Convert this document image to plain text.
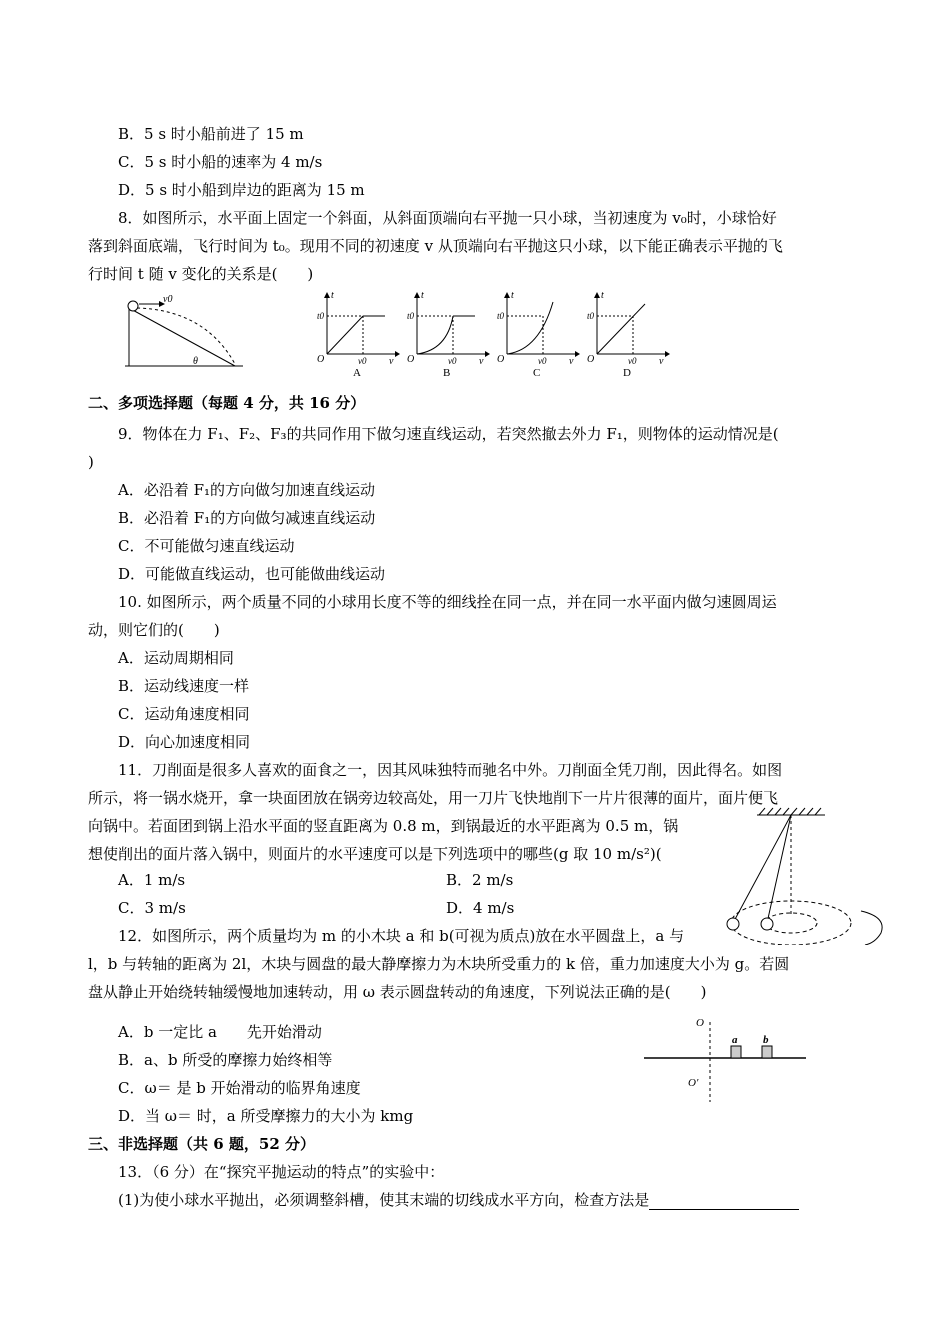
B．5 s 时小船前进了 15 m
C．5 s 时小船的速率为 4 m/s
D．5 s 时小船到岸边的距离为 15 m
8．如图所示，水平面上固定一个斜面，从斜面顶端向右平抛一只小球，当初速度为 v₀时，小球恰好
落到斜面底端，飞行时间为 t₀。现用不同的初速度 v 从顶端向右平抛这只小球，以下能正确表示平抛的飞
行时间 t 随 v 变化的关系是(　　)
v0
θ
t
t0
O	v0 v
A
t
t0
O	v0 v
B
t
t0
O	v0 v
C
t
t0
O	v0 v
D
二、多项选择题（每题 4 分，共 16 分）
9．物体在力 F₁、F₂、F₃的共同作用下做匀速直线运动，若突然撤去外力 F₁，则物体的运动情况是(
)
A．必沿着 F₁的方向做匀加速直线运动
B．必沿着 F₁的方向做匀减速直线运动
C．不可能做匀速直线运动
D．可能做直线运动，也可能做曲线运动
10. 如图所示，两个质量不同的小球用长度不等的细线拴在同一点，并在同一水平面内做匀速圆周运
动，则它们的(　　)
A．运动周期相同
B．运动线速度一样
C．运动角速度相同
D．向心加速度相同
11．刀削面是很多人喜欢的面食之一，因其风味独特而驰名中外。刀削面全凭刀削，因此得名。如图
所示，将一锅水烧开，拿一块面团放在锅旁边较高处，用一刀片飞快地削下一片片很薄的面片，面片便飞
向锅中。若面团到锅上沿水平面的竖直距离为 0.8 m，到锅最近的水平距离为 0.5 m，锅	要
想使削出的面片落入锅中，则面片的水平速度可以是下列选项中的哪些(g 取 10 m/s²)(
A．1 m/s	B．2 m/s
C．3 m/s	D．4 m/s
12．如图所示，两个质量均为 m 的小木块 a 和 b(可视为质点)放在水平圆盘上，a 与
l，b 与转轴的距离为 2l，木块与圆盘的最大静摩擦力为木块所受重力的 k 倍，重力加速度大小为 g。若圆
盘从静止开始绕转轴缓慢地加速转动，用 ω 表示圆盘转动的角速度，下列说法正确的是(　　)
A．b 一定比 a　　先开始滑动
B．a、b 所受的摩擦力始终相等
C．ω＝ 是 b 开始滑动的临界角速度
D．当 ω＝ 时，a 所受摩擦力的大小为 kmg
O
O′
a b
三、非选择题（共 6 题，52 分）
13．（6 分）在“探究平抛运动的特点”的实验中：
(1)为使小球水平抛出，必须调整斜槽，使其末端的切线成水平方向，检查方法是
